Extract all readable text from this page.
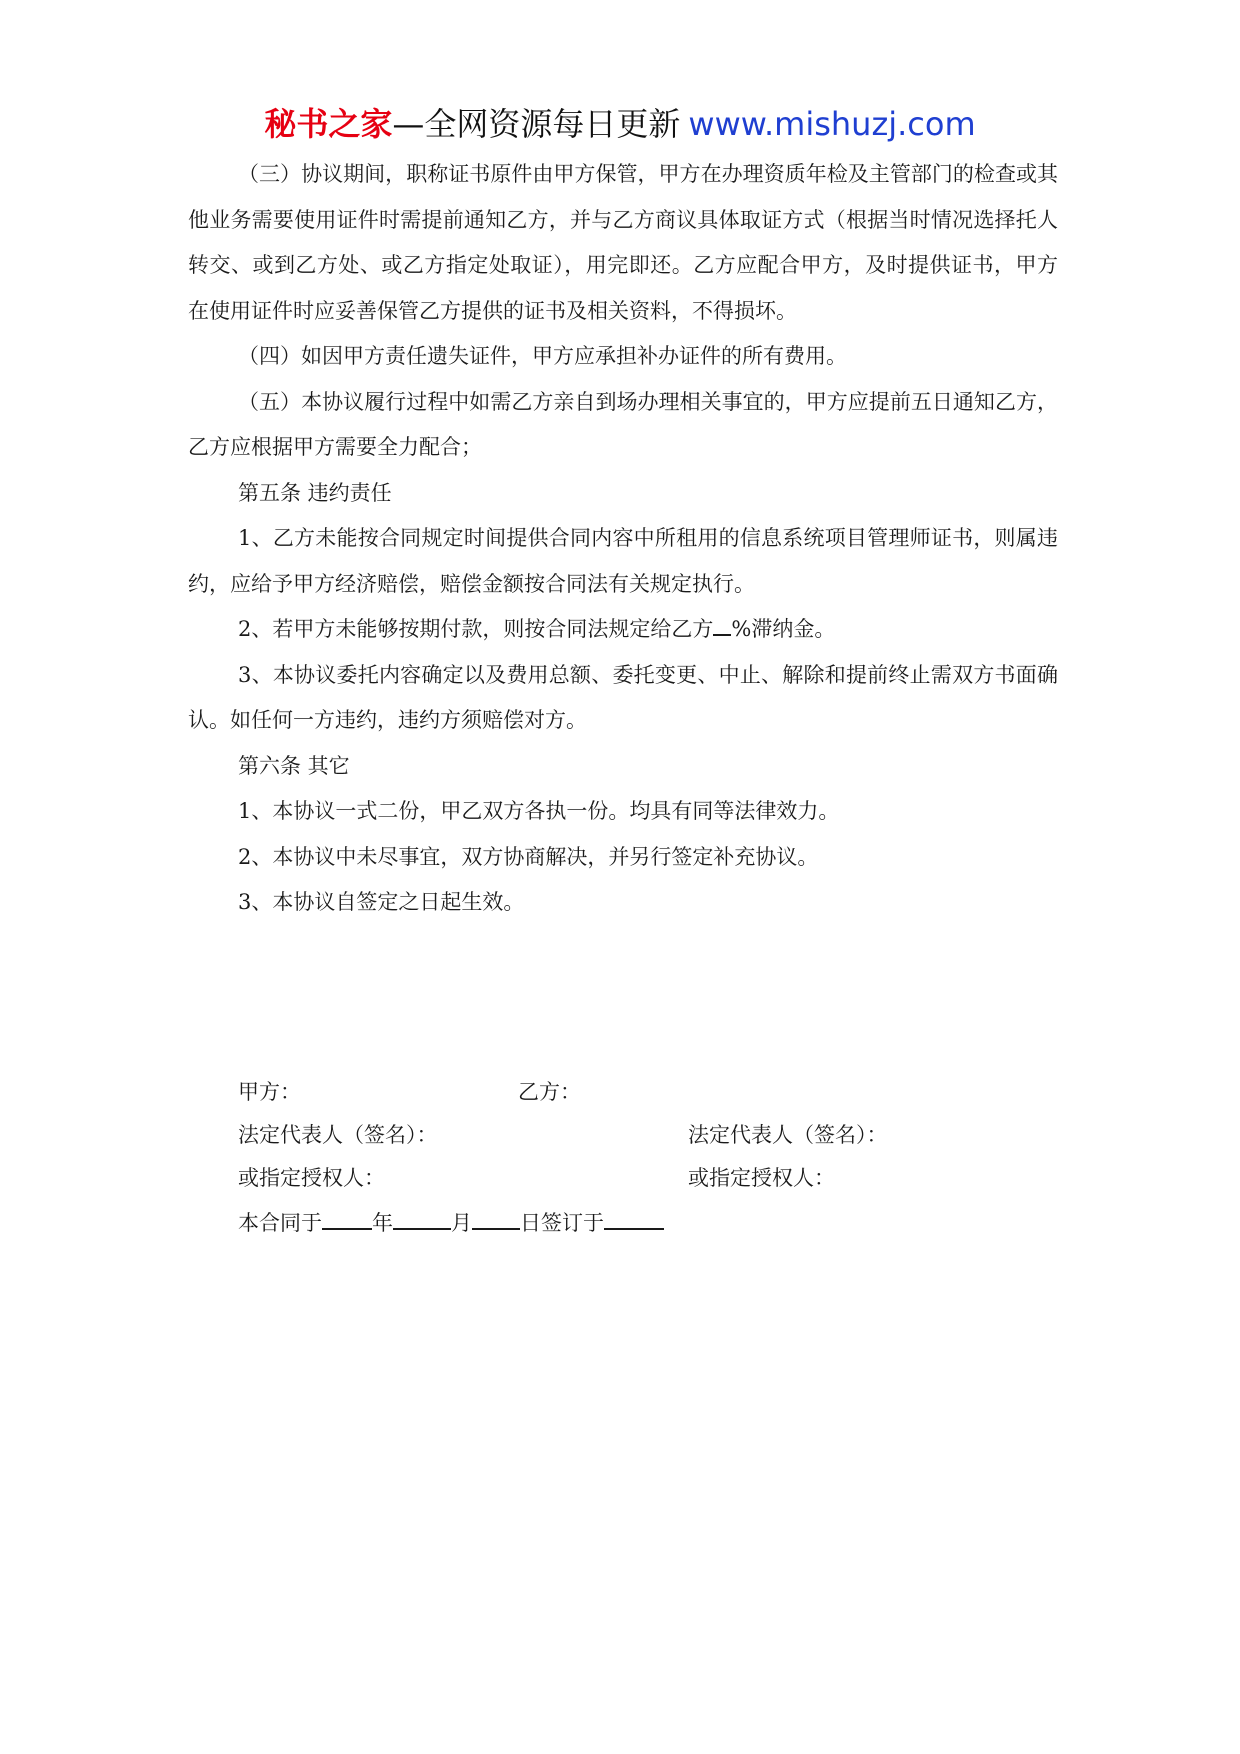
秘书之家—全网资源每日更新 www.mishuzj.com

（三）协议期间，职称证书原件由甲方保管，甲方在办理资质年检及主管部门的检查或其他业务需要使用证件时需提前通知乙方，并与乙方商议具体取证方式（根据当时情况选择托人转交、或到乙方处、或乙方指定处取证），用完即还。乙方应配合甲方，及时提供证书，甲方在使用证件时应妥善保管乙方提供的证书及相关资料，不得损坏。

（四）如因甲方责任遗失证件，甲方应承担补办证件的所有费用。

（五）本协议履行过程中如需乙方亲自到场办理相关事宜的，甲方应提前五日通知乙方，乙方应根据甲方需要全力配合；

第五条 违约责任

1、乙方未能按合同规定时间提供合同内容中所租用的信息系统项目管理师证书，则属违约，应给予甲方经济赔偿，赔偿金额按合同法有关规定执行。

2、若甲方未能够按期付款，则按合同法规定给乙方 %滞纳金。

3、本协议委托内容确定以及费用总额、委托变更、中止、解除和提前终止需双方书面确认。如任何一方违约，违约方须赔偿对方。

第六条 其它

1、本协议一式二份，甲乙双方各执一份。均具有同等法律效力。

2、本协议中未尽事宜，双方协商解决，并另行签定补充协议。

3、本协议自签定之日起生效。

甲方：	乙方：
法定代表人（签名）：	法定代表人（签名）：
或指定授权人：	或指定授权人：
本合同于 年	月 日签订于
